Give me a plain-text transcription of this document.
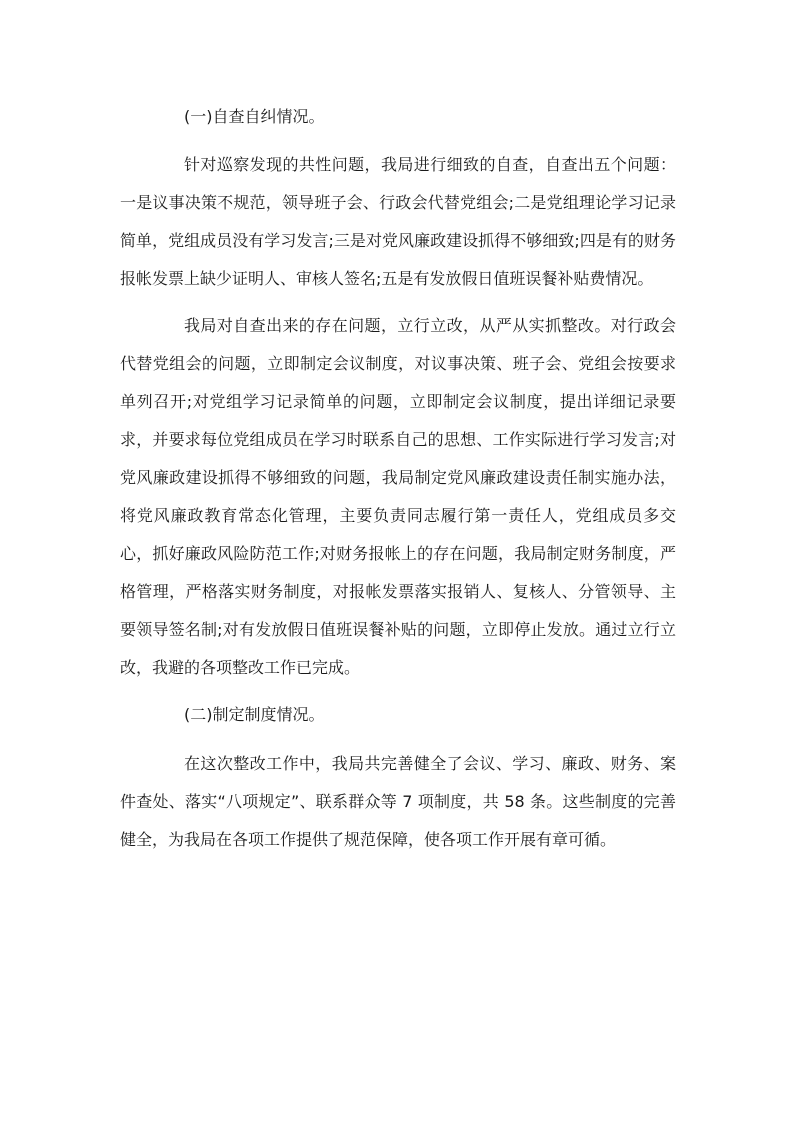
(一)自查自纠情况。

针对巡察发现的共性问题，我局进行细致的自查，自查出五个问题：一是议事决策不规范，领导班子会、行政会代替党组会;二是党组理论学习记录简单，党组成员没有学习发言;三是对党风廉政建设抓得不够细致;四是有的财务报帐发票上缺少证明人、审核人签名;五是有发放假日值班误餐补贴费情况。

我局对自查出来的存在问题，立行立改，从严从实抓整改。对行政会代替党组会的问题，立即制定会议制度，对议事决策、班子会、党组会按要求单列召开;对党组学习记录简单的问题，立即制定会议制度，提出详细记录要求，并要求每位党组成员在学习时联系自己的思想、工作实际进行学习发言;对党风廉政建设抓得不够细致的问题，我局制定党风廉政建设责任制实施办法，将党风廉政教育常态化管理，主要负责同志履行第一责任人，党组成员多交心，抓好廉政风险防范工作;对财务报帐上的存在问题，我局制定财务制度，严格管理，严格落实财务制度，对报帐发票落实报销人、复核人、分管领导、主要领导签名制;对有发放假日值班误餐补贴的问题，立即停止发放。通过立行立改，我避的各项整改工作已完成。

(二)制定制度情况。

在这次整改工作中，我局共完善健全了会议、学习、廉政、财务、案件查处、落实“八项规定”、联系群众等 7 项制度，共 58 条。这些制度的完善健全，为我局在各项工作提供了规范保障，使各项工作开展有章可循。
